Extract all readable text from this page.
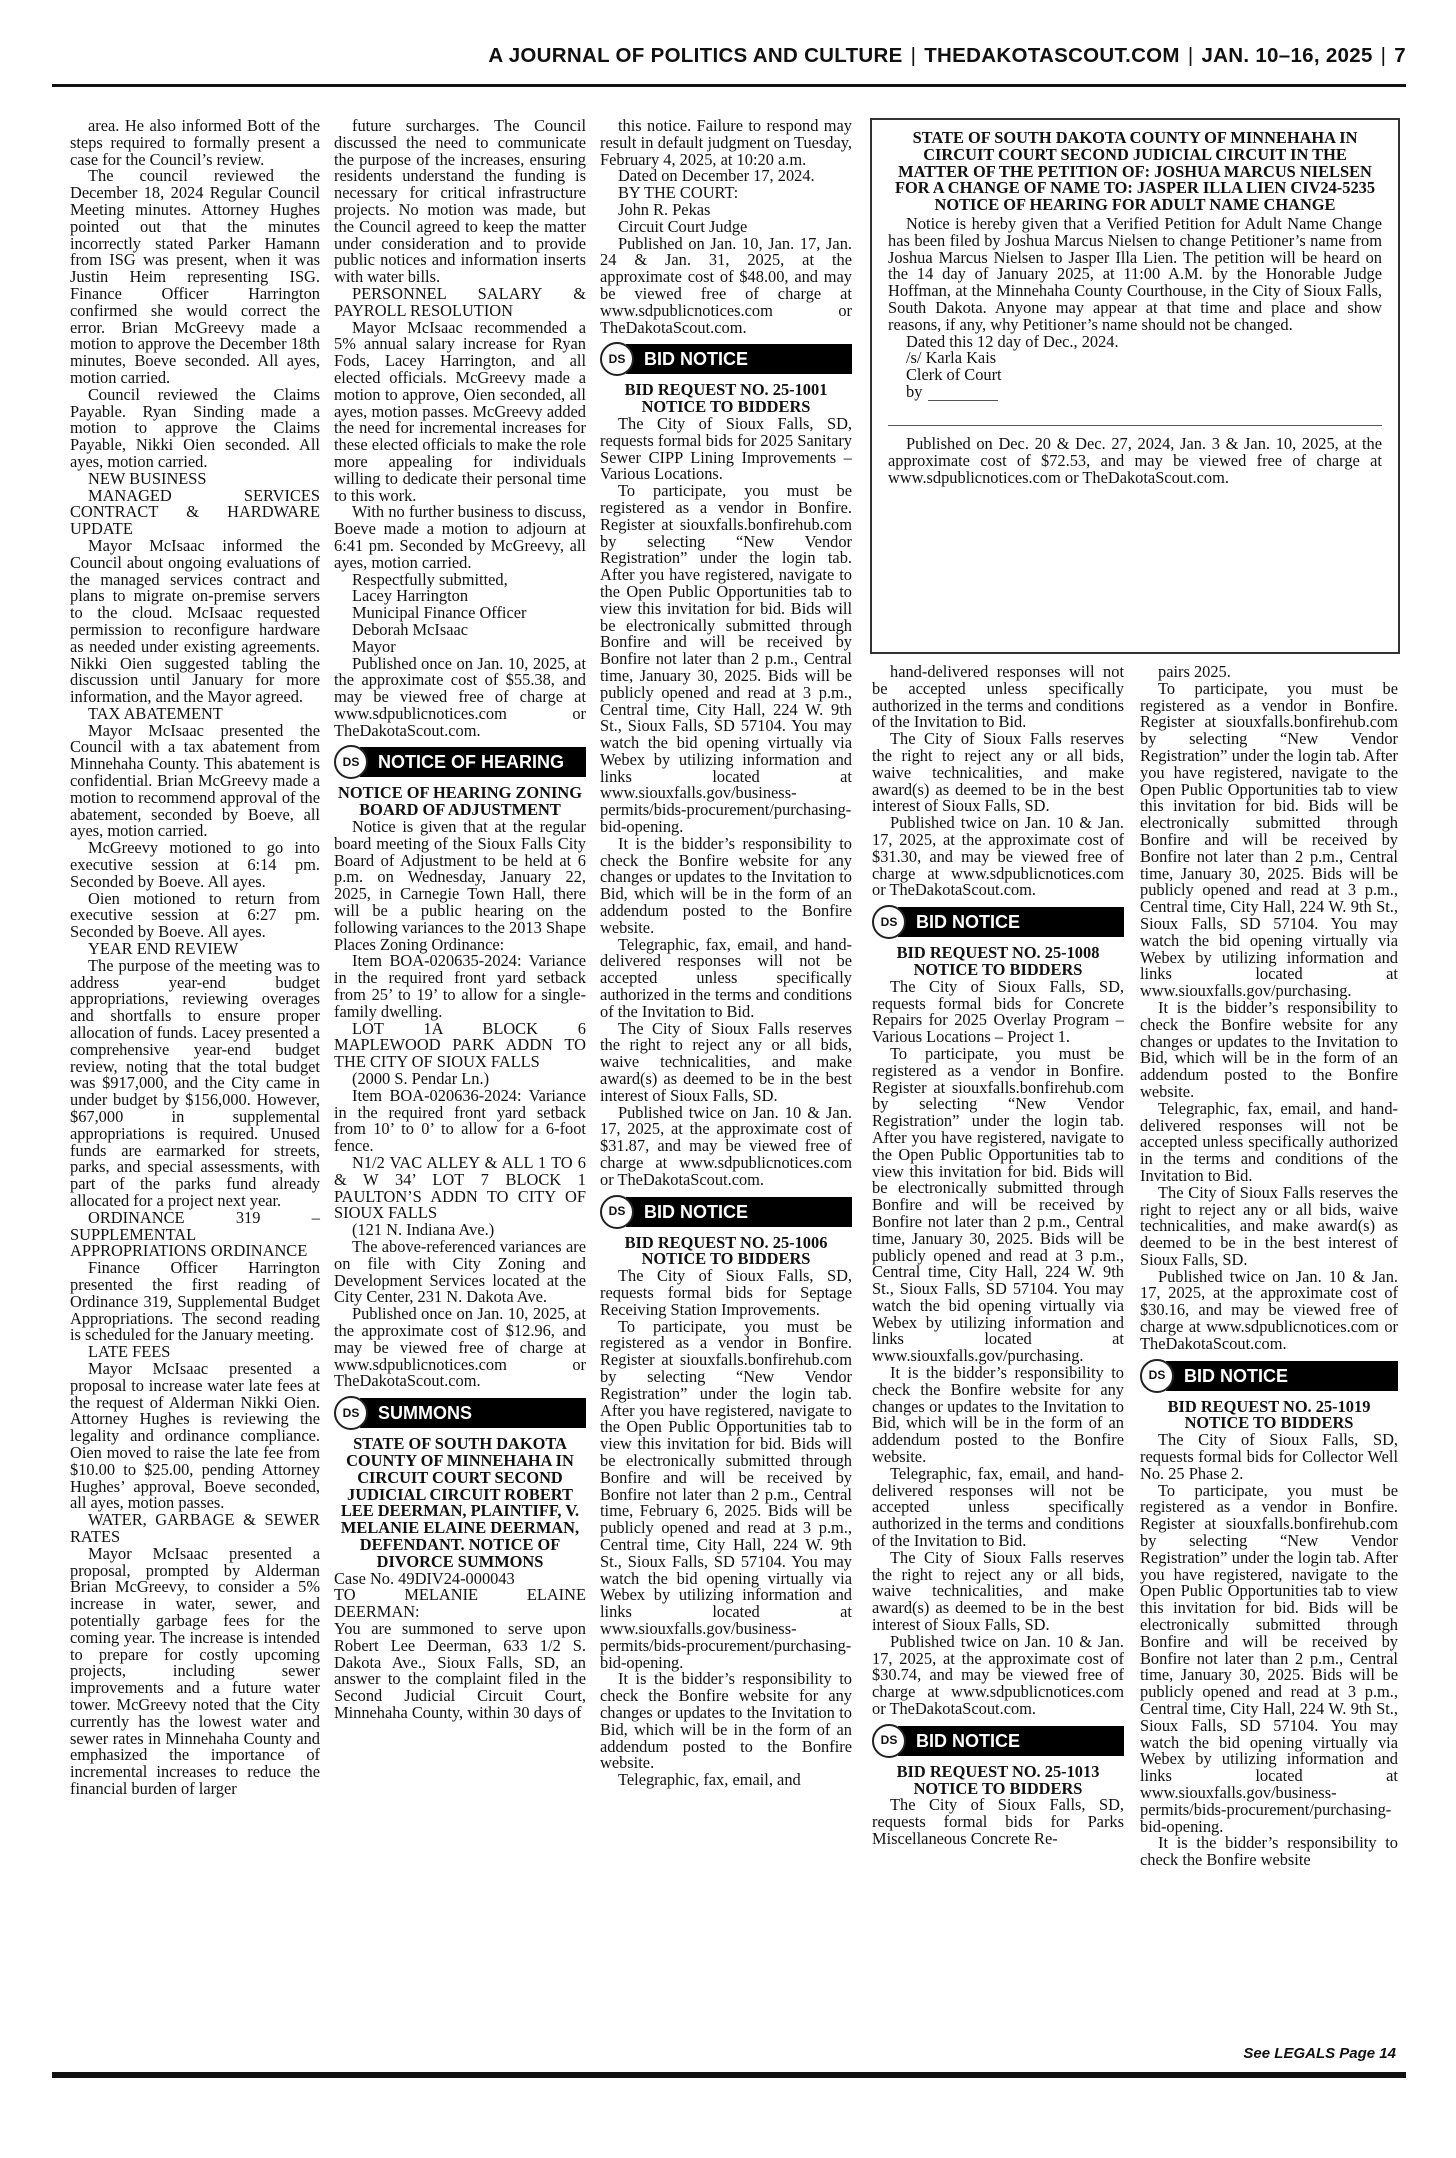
A JOURNAL OF POLITICS AND CULTURE | THEDAKOTASCOUT.COM | JAN. 10–16, 2025 | 7

area. He also informed Bott of the steps required to formally present a case for the Council’s review.

The council reviewed the December 18, 2024 Regular Council Meeting minutes. Attorney Hughes pointed out that the minutes incorrectly stated Parker Hamann from ISG was present, when it was Justin Heim representing ISG. Finance Officer Harrington confirmed she would correct the error. Brian McGreevy made a motion to approve the December 18th minutes, Boeve seconded. All ayes, motion carried.

Council reviewed the Claims Payable. Ryan Sinding made a motion to approve the Claims Payable, Nikki Oien seconded. All ayes, motion carried.

NEW BUSINESS

MANAGED SERVICES CONTRACT & HARDWARE UPDATE

Mayor McIsaac informed the Council about ongoing evaluations of the managed services contract and plans to migrate on-premise servers to the cloud. McIsaac requested permission to reconfigure hardware as needed under existing agreements. Nikki Oien suggested tabling the discussion until January for more information, and the Mayor agreed.

TAX ABATEMENT

Mayor McIsaac presented the Council with a tax abatement from Minnehaha County. This abatement is confidential. Brian McGreevy made a motion to recommend approval of the abatement, seconded by Boeve, all ayes, motion carried.

McGreevy motioned to go into executive session at 6:14 pm. Seconded by Boeve. All ayes.

Oien motioned to return from executive session at 6:27 pm. Seconded by Boeve. All ayes.

YEAR END REVIEW

The purpose of the meeting was to address year-end budget appropriations, reviewing overages and shortfalls to ensure proper allocation of funds. Lacey presented a comprehensive year-end budget review, noting that the total budget was $917,000, and the City came in under budget by $156,000. However, $67,000 in supplemental appropriations is required. Unused funds are earmarked for streets, parks, and special assessments, with part of the parks fund already allocated for a project next year.

ORDINANCE 319 – SUPPLEMENTAL APPROPRIATIONS ORDINANCE

Finance Officer Harrington presented the first reading of Ordinance 319, Supplemental Budget Appropriations. The second reading is scheduled for the January meeting.

LATE FEES

Mayor McIsaac presented a proposal to increase water late fees at the request of Alderman Nikki Oien. Attorney Hughes is reviewing the legality and ordinance compliance. Oien moved to raise the late fee from $10.00 to $25.00, pending Attorney Hughes’ approval, Boeve seconded, all ayes, motion passes.

WATER, GARBAGE & SEWER RATES

Mayor McIsaac presented a proposal, prompted by Alderman Brian McGreevy, to consider a 5% increase in water, sewer, and potentially garbage fees for the coming year. The increase is intended to prepare for costly upcoming projects, including sewer improvements and a future water tower. McGreevy noted that the City currently has the lowest water and sewer rates in Minnehaha County and emphasized the importance of incremental increases to reduce the financial burden of larger

future surcharges. The Council discussed the need to communicate the purpose of the increases, ensuring residents understand the funding is necessary for critical infrastructure projects. No motion was made, but the Council agreed to keep the matter under consideration and to provide public notices and information inserts with water bills.

PERSONNEL SALARY & PAYROLL RESOLUTION

Mayor McIsaac recommended a 5% annual salary increase for Ryan Fods, Lacey Harrington, and all elected officials. McGreevy made a motion to approve, Oien seconded, all ayes, motion passes. McGreevy added the need for incremental increases for these elected officials to make the role more appealing for individuals willing to dedicate their personal time to this work.

With no further business to discuss, Boeve made a motion to adjourn at 6:41 pm. Seconded by McGreevy, all ayes, motion carried.

Respectfully submitted,

Lacey Harrington

Municipal Finance Officer

Deborah McIsaac

Mayor

Published once on Jan. 10, 2025, at the approximate cost of $55.38, and may be viewed free of charge at www.sdpublicnotices.com or TheDakotaScout.com.

DS	NOTICE OF HEARING

NOTICE OF HEARING ZONING BOARD OF ADJUSTMENT

Notice is given that at the regular board meeting of the Sioux Falls City Board of Adjustment to be held at 6 p.m. on Wednesday, January 22, 2025, in Carnegie Town Hall, there will be a public hearing on the following variances to the 2013 Shape Places Zoning Ordinance:

Item BOA-020635-2024: Variance in the required front yard setback from 25’ to 19’ to allow for a single-family dwelling.

LOT 1A BLOCK 6 MAPLEWOOD PARK ADDN TO THE CITY OF SIOUX FALLS

(2000 S. Pendar Ln.)

Item BOA-020636-2024: Variance in the required front yard setback from 10’ to 0’ to allow for a 6-foot fence.

N1/2 VAC ALLEY & ALL 1 TO 6 & W 34’ LOT 7 BLOCK 1 PAULTON’S ADDN TO CITY OF SIOUX FALLS

(121 N. Indiana Ave.)

The above-referenced variances are on file with City Zoning and Development Services located at the City Center, 231 N. Dakota Ave.

Published once on Jan. 10, 2025, at the approximate cost of $12.96, and may be viewed free of charge at www.sdpublicnotices.com or TheDakotaScout.com.

DS	SUMMONS

STATE OF SOUTH DAKOTA COUNTY OF MINNEHAHA IN CIRCUIT COURT SECOND JUDICIAL CIRCUIT ROBERT LEE DEERMAN, PLAINTIFF, V. MELANIE ELAINE DEERMAN, DEFENDANT. NOTICE OF DIVORCE SUMMONS

Case No. 49DIV24-000043

TO MELANIE ELAINE DEERMAN:

You are summoned to serve upon Robert Lee Deerman, 633 1/2 S. Dakota Ave., Sioux Falls, SD, an answer to the complaint filed in the Second Judicial Circuit Court, Minnehaha County, within 30 days of

this notice. Failure to respond may result in default judgment on Tuesday, February 4, 2025, at 10:20 a.m.

Dated on December 17, 2024.

BY THE COURT:

John R. Pekas

Circuit Court Judge

Published on Jan. 10, Jan. 17, Jan. 24 & Jan. 31, 2025, at the approximate cost of $48.00, and may be viewed free of charge at www.sdpublicnotices.com or TheDakotaScout.com.

DS	BID NOTICE

BID REQUEST NO. 25-1001 NOTICE TO BIDDERS

The City of Sioux Falls, SD, requests formal bids for 2025 Sanitary Sewer CIPP Lining Improvements – Various Locations.

To participate, you must be registered as a vendor in Bonfire. Register at siouxfalls.bonfirehub.com by selecting “New Vendor Registration” under the login tab. After you have registered, navigate to the Open Public Opportunities tab to view this invitation for bid. Bids will be electronically submitted through Bonfire and will be received by Bonfire not later than 2 p.m., Central time, January 30, 2025. Bids will be publicly opened and read at 3 p.m., Central time, City Hall, 224 W. 9th St., Sioux Falls, SD 57104. You may watch the bid opening virtually via Webex by utilizing information and links located at www.siouxfalls.gov/business-permits/bids-procurement/purchasing-bid-opening.

It is the bidder’s responsibility to check the Bonfire website for any changes or updates to the Invitation to Bid, which will be in the form of an addendum posted to the Bonfire website.

Telegraphic, fax, email, and hand-delivered responses will not be accepted unless specifically authorized in the terms and conditions of the Invitation to Bid.

The City of Sioux Falls reserves the right to reject any or all bids, waive technicalities, and make award(s) as deemed to be in the best interest of Sioux Falls, SD.

Published twice on Jan. 10 & Jan. 17, 2025, at the approximate cost of $31.87, and may be viewed free of charge at www.sdpublicnotices.com or TheDakotaScout.com.

DS	BID NOTICE

BID REQUEST NO. 25-1006 NOTICE TO BIDDERS

The City of Sioux Falls, SD, requests formal bids for Septage Receiving Station Improvements.

To participate, you must be registered as a vendor in Bonfire. Register at siouxfalls.bonfirehub.com by selecting “New Vendor Registration” under the login tab. After you have registered, navigate to the Open Public Opportunities tab to view this invitation for bid. Bids will be electronically submitted through Bonfire and will be received by Bonfire not later than 2 p.m., Central time, February 6, 2025. Bids will be publicly opened and read at 3 p.m., Central time, City Hall, 224 W. 9th St., Sioux Falls, SD 57104. You may watch the bid opening virtually via Webex by utilizing information and links located at www.siouxfalls.gov/business-permits/bids-procurement/purchasing-bid-opening.

It is the bidder’s responsibility to check the Bonfire website for any changes or updates to the Invitation to Bid, which will be in the form of an addendum posted to the Bonfire website.

Telegraphic, fax, email, and

STATE OF SOUTH DAKOTA COUNTY OF MINNEHAHA IN CIRCUIT COURT SECOND JUDICIAL CIRCUIT IN THE MATTER OF THE PETITION OF: JOSHUA MARCUS NIELSEN FOR A CHANGE OF NAME TO: JASPER ILLA LIEN CIV24-5235 NOTICE OF HEARING FOR ADULT NAME CHANGE

Notice is hereby given that a Verified Petition for Adult Name Change has been filed by Joshua Marcus Nielsen to change Petitioner’s name from Joshua Marcus Nielsen to Jasper Illa Lien. The petition will be heard on the 14 day of January 2025, at 11:00 A.M. by the Honorable Judge Hoffman, at the Minnehaha County Courthouse, in the City of Sioux Falls, South Dakota. Anyone may appear at that time and place and show reasons, if any, why Petitioner’s name should not be changed.

Dated this 12 day of Dec., 2024.

/s/ Karla Kais

Clerk of Court

by

Published on Dec. 20 & Dec. 27, 2024, Jan. 3 & Jan. 10, 2025, at the approximate cost of $72.53, and may be viewed free of charge at www.sdpublicnotices.com or TheDakotaScout.com.

hand-delivered responses will not be accepted unless specifically authorized in the terms and conditions of the Invitation to Bid.

The City of Sioux Falls reserves the right to reject any or all bids, waive technicalities, and make award(s) as deemed to be in the best interest of Sioux Falls, SD.

Published twice on Jan. 10 & Jan. 17, 2025, at the approximate cost of $31.30, and may be viewed free of charge at www.sdpublicnotices.com or TheDakotaScout.com.

DS	BID NOTICE

BID REQUEST NO. 25-1008 NOTICE TO BIDDERS

The City of Sioux Falls, SD, requests formal bids for Concrete Repairs for 2025 Overlay Program – Various Locations – Project 1.

To participate, you must be registered as a vendor in Bonfire. Register at siouxfalls.bonfirehub.com by selecting “New Vendor Registration” under the login tab. After you have registered, navigate to the Open Public Opportunities tab to view this invitation for bid. Bids will be electronically submitted through Bonfire and will be received by Bonfire not later than 2 p.m., Central time, January 30, 2025. Bids will be publicly opened and read at 3 p.m., Central time, City Hall, 224 W. 9th St., Sioux Falls, SD 57104. You may watch the bid opening virtually via Webex by utilizing information and links located at www.siouxfalls.gov/purchasing.

It is the bidder’s responsibility to check the Bonfire website for any changes or updates to the Invitation to Bid, which will be in the form of an addendum posted to the Bonfire website.

Telegraphic, fax, email, and hand-delivered responses will not be accepted unless specifically authorized in the terms and conditions of the Invitation to Bid.

The City of Sioux Falls reserves the right to reject any or all bids, waive technicalities, and make award(s) as deemed to be in the best interest of Sioux Falls, SD.

Published twice on Jan. 10 & Jan. 17, 2025, at the approximate cost of $30.74, and may be viewed free of charge at www.sdpublicnotices.com or TheDakotaScout.com.

DS	BID NOTICE

BID REQUEST NO. 25-1013 NOTICE TO BIDDERS

The City of Sioux Falls, SD, requests formal bids for Parks Miscellaneous Concrete Re-

pairs 2025.

To participate, you must be registered as a vendor in Bonfire. Register at siouxfalls.bonfirehub.com by selecting “New Vendor Registration” under the login tab. After you have registered, navigate to the Open Public Opportunities tab to view this invitation for bid. Bids will be electronically submitted through Bonfire and will be received by Bonfire not later than 2 p.m., Central time, January 30, 2025. Bids will be publicly opened and read at 3 p.m., Central time, City Hall, 224 W. 9th St., Sioux Falls, SD 57104. You may watch the bid opening virtually via Webex by utilizing information and links located at www.siouxfalls.gov/purchasing.

It is the bidder’s responsibility to check the Bonfire website for any changes or updates to the Invitation to Bid, which will be in the form of an addendum posted to the Bonfire website.

Telegraphic, fax, email, and hand-delivered responses will not be accepted unless specifically authorized in the terms and conditions of the Invitation to Bid.

The City of Sioux Falls reserves the right to reject any or all bids, waive technicalities, and make award(s) as deemed to be in the best interest of Sioux Falls, SD.

Published twice on Jan. 10 & Jan. 17, 2025, at the approximate cost of $30.16, and may be viewed free of charge at www.sdpublicnotices.com or TheDakotaScout.com.

DS	BID NOTICE

BID REQUEST NO. 25-1019 NOTICE TO BIDDERS

The City of Sioux Falls, SD, requests formal bids for Collector Well No. 25 Phase 2.

To participate, you must be registered as a vendor in Bonfire. Register at siouxfalls.bonfirehub.com by selecting “New Vendor Registration” under the login tab. After you have registered, navigate to the Open Public Opportunities tab to view this invitation for bid. Bids will be electronically submitted through Bonfire and will be received by Bonfire not later than 2 p.m., Central time, January 30, 2025. Bids will be publicly opened and read at 3 p.m., Central time, City Hall, 224 W. 9th St., Sioux Falls, SD 57104. You may watch the bid opening virtually via Webex by utilizing information and links located at www.siouxfalls.gov/business-permits/bids-procurement/purchasing-bid-opening.

It is the bidder’s responsibility to check the Bonfire website

See LEGALS Page 14
